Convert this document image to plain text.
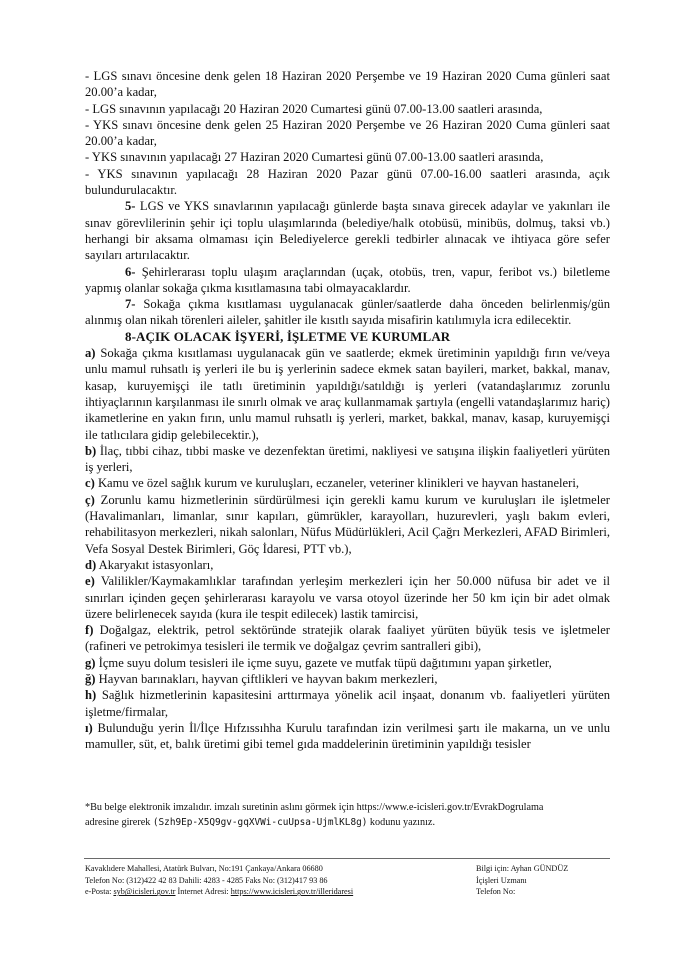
- LGS sınavı öncesine denk gelen 18 Haziran 2020 Perşembe ve 19 Haziran 2020 Cuma günleri saat 20.00’a kadar,

- LGS sınavının yapılacağı 20 Haziran 2020 Cumartesi günü 07.00-13.00 saatleri arasında,

- YKS sınavı öncesine denk gelen 25 Haziran 2020 Perşembe ve 26 Haziran 2020 Cuma günleri saat 20.00’a kadar,

- YKS sınavının yapılacağı 27 Haziran 2020 Cumartesi günü 07.00-13.00 saatleri arasında,

- YKS sınavının yapılacağı 28 Haziran 2020 Pazar günü 07.00-16.00 saatleri arasında, açık bulundurulacaktır.

5- LGS ve YKS sınavlarının yapılacağı günlerde başta sınava girecek adaylar ve yakınları ile sınav görevlilerinin şehir içi toplu ulaşımlarında (belediye/halk otobüsü, minibüs, dolmuş, taksi vb.) herhangi bir aksama olmaması için Belediyelerce gerekli tedbirler alınacak ve ihtiyaca göre sefer sayıları artırılacaktır.

6- Şehirlerarası toplu ulaşım araçlarından (uçak, otobüs, tren, vapur, feribot vs.) biletleme yapmış olanlar sokağa çıkma kısıtlamasına tabi olmayacaklardır.

7- Sokağa çıkma kısıtlaması uygulanacak günler/saatlerde daha önceden belirlenmiş/gün alınmış olan nikah törenleri aileler, şahitler ile kısıtlı sayıda misafirin katılımıyla icra edilecektir.

8-AÇIK OLACAK İŞYERİ, İŞLETME VE KURUMLAR

a) Sokağa çıkma kısıtlaması uygulanacak gün ve saatlerde; ekmek üretiminin yapıldığı fırın ve/veya unlu mamul ruhsatlı iş yerleri ile bu iş yerlerinin sadece ekmek satan bayileri, market, bakkal, manav, kasap, kuruyemişçi ile tatlı üretiminin yapıldığı/satıldığı iş yerleri (vatandaşlarımız zorunlu ihtiyaçlarının karşılanması ile sınırlı olmak ve araç kullanmamak şartıyla (engelli vatandaşlarımız hariç) ikametlerine en yakın fırın, unlu mamul ruhsatlı iş yerleri, market, bakkal, manav, kasap, kuruyemişçi ile tatlıcılara gidip gelebilecektir.),

b) İlaç, tıbbi cihaz, tıbbi maske ve dezenfektan üretimi, nakliyesi ve satışına ilişkin faaliyetleri yürüten iş yerleri,

c) Kamu ve özel sağlık kurum ve kuruluşları, eczaneler, veteriner klinikleri ve hayvan hastaneleri,

ç) Zorunlu kamu hizmetlerinin sürdürülmesi için gerekli kamu kurum ve kuruluşları ile işletmeler (Havalimanları, limanlar, sınır kapıları, gümrükler, karayolları, huzurevleri, yaşlı bakım evleri, rehabilitasyon merkezleri, nikah salonları, Nüfus Müdürlükleri, Acil Çağrı Merkezleri, AFAD Birimleri, Vefa Sosyal Destek Birimleri, Göç İdaresi, PTT vb.),

d) Akaryakıt istasyonları,

e) Valilikler/Kaymakamlıklar tarafından yerleşim merkezleri için her 50.000 nüfusa bir adet ve il sınırları içinden geçen şehirlerarası karayolu ve varsa otoyol üzerinde her 50 km için bir adet olmak üzere belirlenecek sayıda (kura ile tespit edilecek) lastik tamircisi,

f) Doğalgaz, elektrik, petrol sektöründe stratejik olarak faaliyet yürüten büyük tesis ve işletmeler (rafineri ve petrokimya tesisleri ile termik ve doğalgaz çevrim santralleri gibi),

g) İçme suyu dolum tesisleri ile içme suyu, gazete ve mutfak tüpü dağıtımını yapan şirketler,

ğ) Hayvan barınakları, hayvan çiftlikleri ve hayvan bakım merkezleri,

h) Sağlık hizmetlerinin kapasitesini arttırmaya yönelik acil inşaat, donanım vb. faaliyetleri yürüten işletme/firmalar,

ı) Bulunduğu yerin İl/İlçe Hıfzıssıhha Kurulu tarafından izin verilmesi şartı ile makarna, un ve unlu mamuller, süt, et, balık üretimi gibi temel gıda maddelerinin üretiminin yapıldığı tesisler

*Bu belge elektronik imzalıdır. imzalı suretinin aslını görmek için https://www.e-icisleri.gov.tr/EvrakDogrulama
adresine girerek (Szh9Ep-X5Q9gv-gqXVWi-cuUpsa-UjmlKL8g) kodunu yazınız.
Kavaklıdere Mahallesi, Atatürk Bulvarı, No:191 Çankaya/Ankara 06680
Telefon No: (312)422 42 83 Dahili: 4283 - 4285 Faks No: (312)417 93 86
e-Posta: syb@icisleri.gov.tr İnternet Adresi: https://www.icisleri.gov.tr/illeridaresi
Bilgi için: Ayhan GÜNDÜZ
İçişleri Uzmanı
Telefon No:
